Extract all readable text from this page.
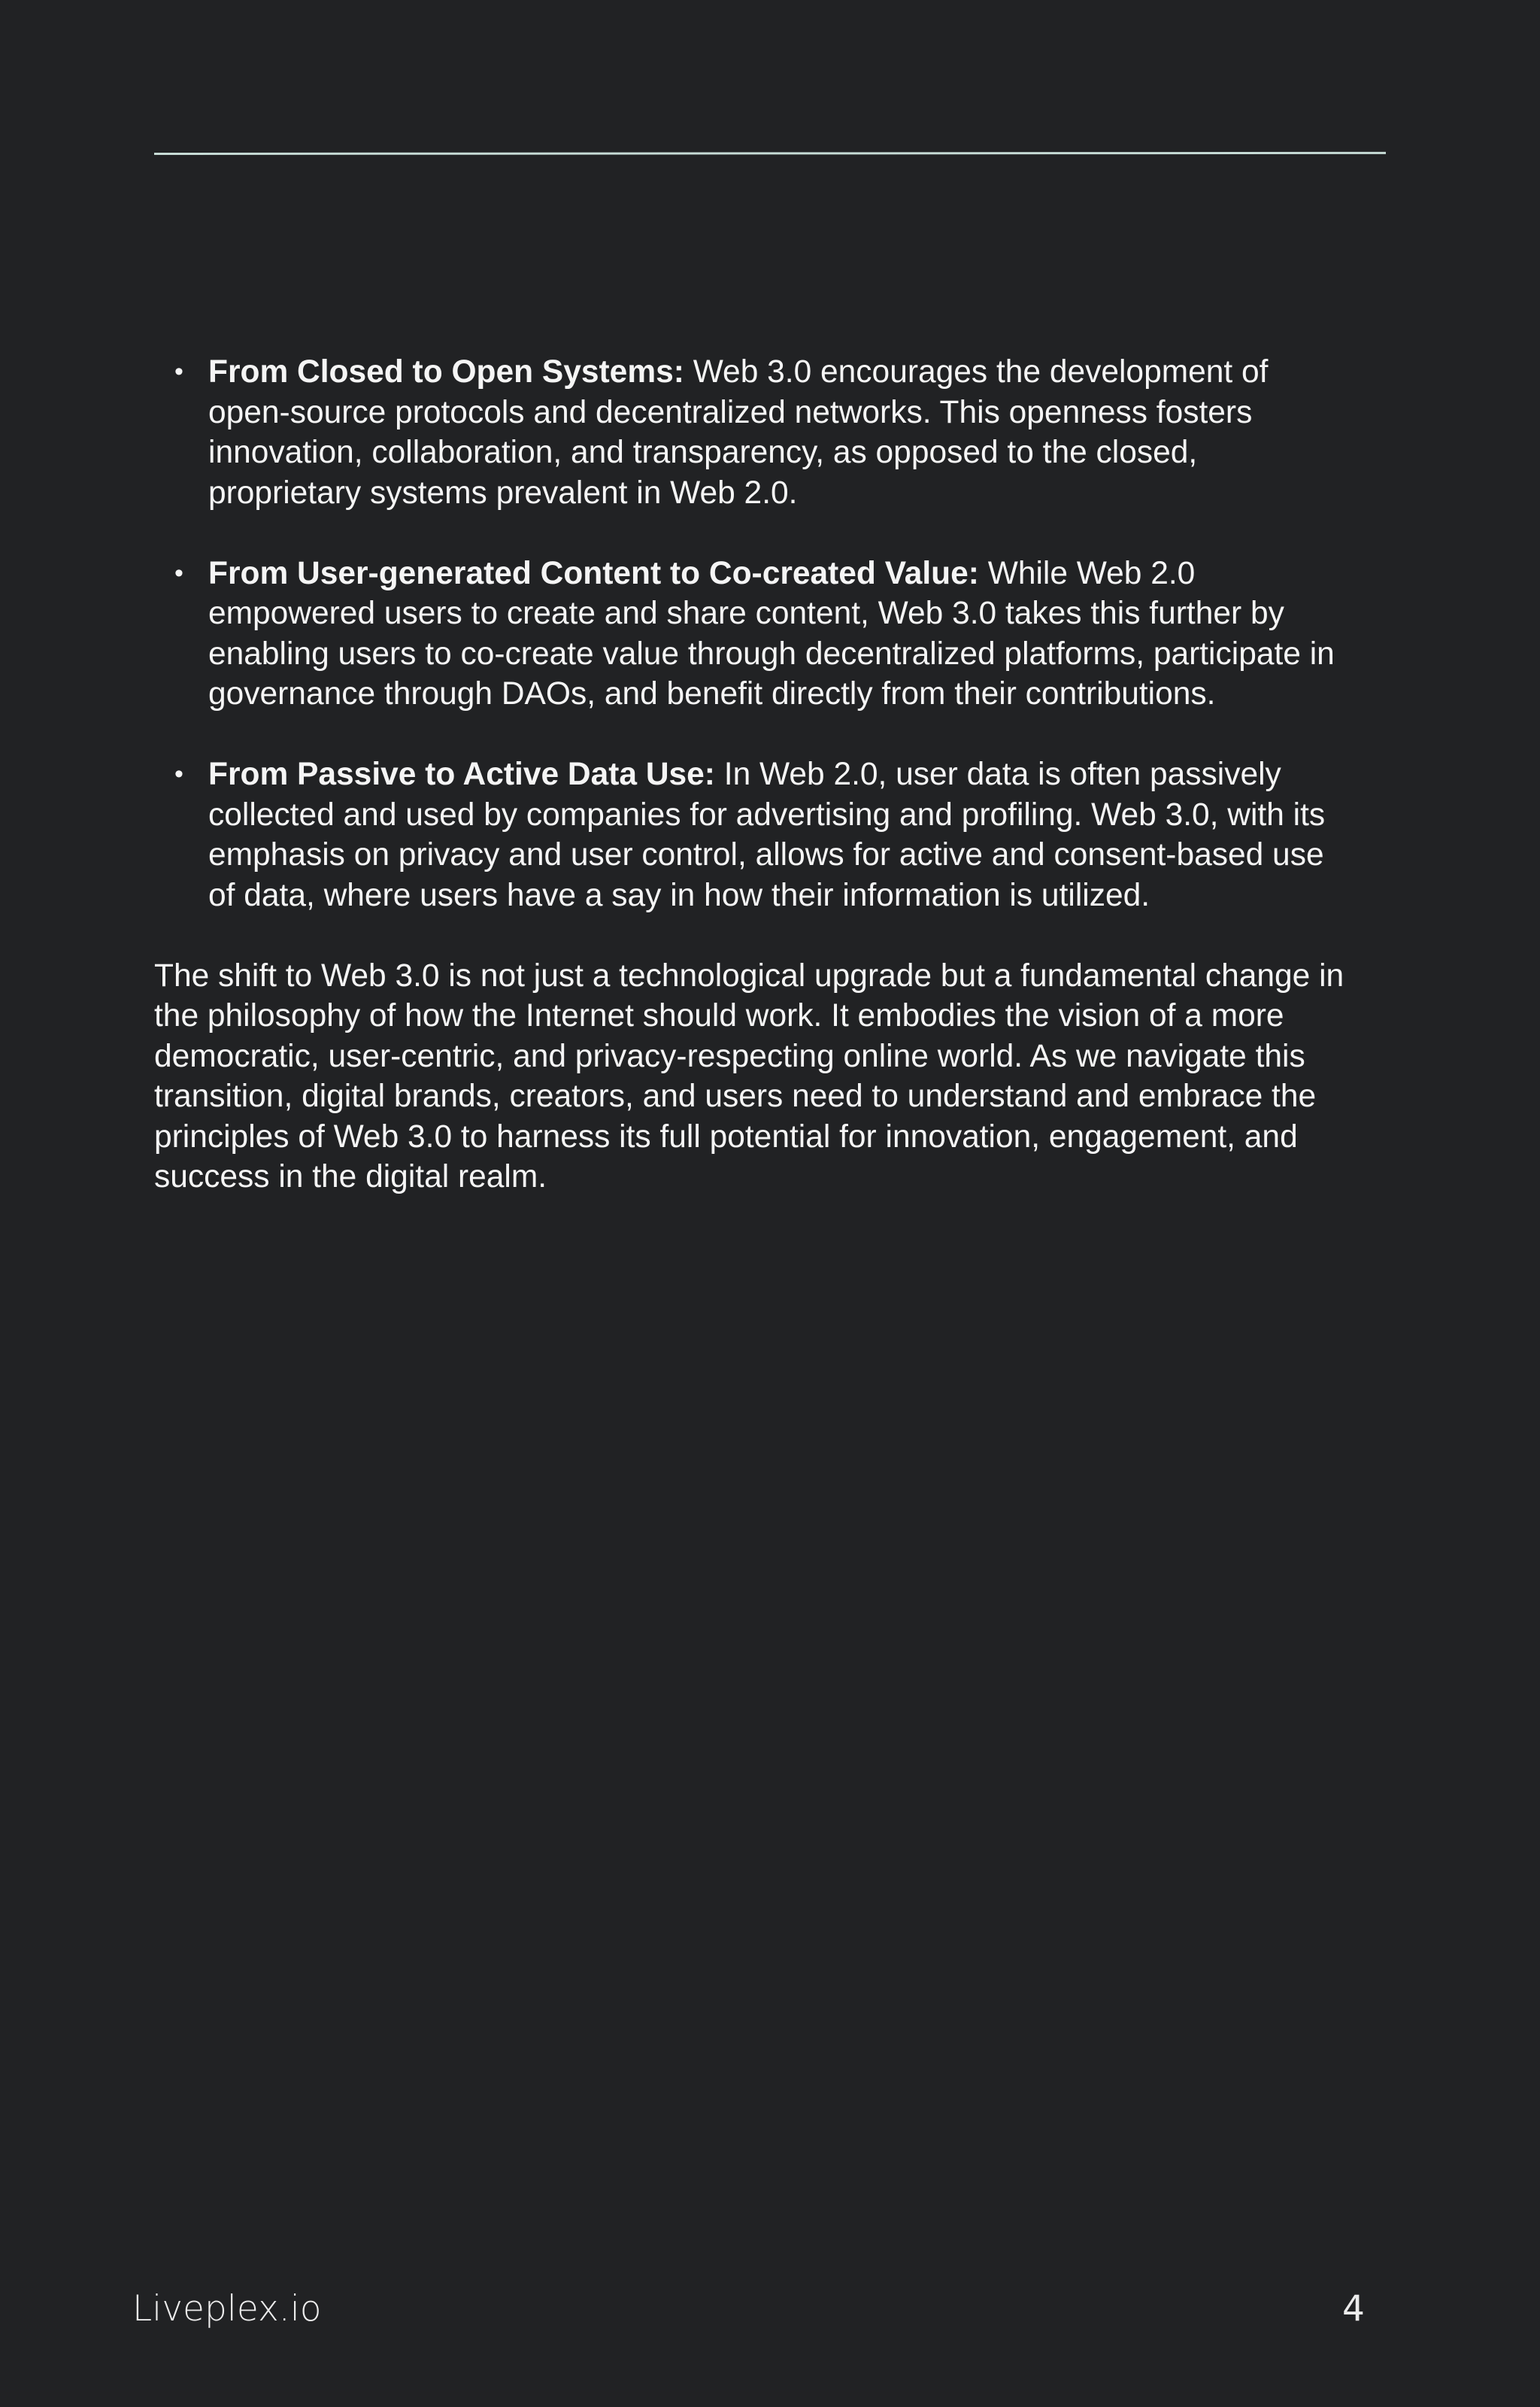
• From Closed to Open Systems: Web 3.0 encourages the development of open-source protocols and decentralized networks. This openness fosters innovation, collaboration, and transparency, as opposed to the closed, proprietary systems prevalent in Web 2.0.
• From User-generated Content to Co-created Value: While Web 2.0 empowered users to create and share content, Web 3.0 takes this further by enabling users to co-create value through decentralized platforms, participate in governance through DAOs, and benefit directly from their contributions.
• From Passive to Active Data Use: In Web 2.0, user data is often passively collected and used by companies for advertising and profiling. Web 3.0, with its emphasis on privacy and user control, allows for active and consent-based use of data, where users have a say in how their information is utilized.

The shift to Web 3.0 is not just a technological upgrade but a fundamental change in the philosophy of how the Internet should work. It embodies the vision of a more democratic, user-centric, and privacy-respecting online world. As we navigate this transition, digital brands, creators, and users need to understand and embrace the principles of Web 3.0 to harness its full potential for innovation, engagement, and success in the digital realm.

Liveplex.io	4
